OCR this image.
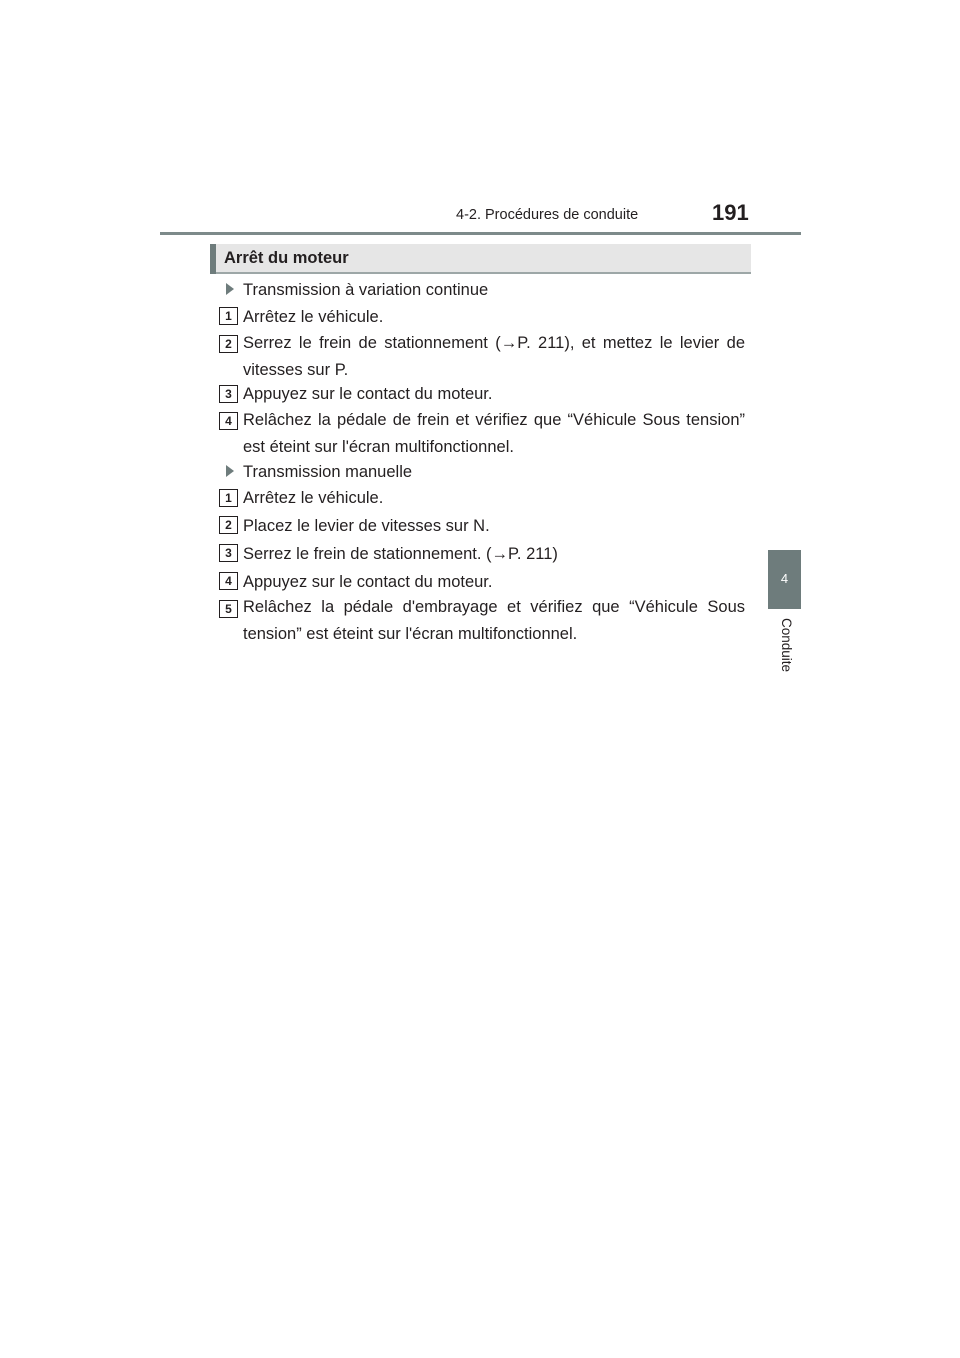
4-2. Procédures de conduite	191
Arrêt du moteur
Transmission à variation continue
1 Arrêtez le véhicule.
2 Serrez le frein de stationnement (→P. 211), et mettez le levier de vitesses sur P.
3 Appuyez sur le contact du moteur.
4 Relâchez la pédale de frein et vérifiez que “Véhicule Sous tension” est éteint sur l'écran multifonctionnel.
Transmission manuelle
1 Arrêtez le véhicule.
2 Placez le levier de vitesses sur N.
3 Serrez le frein de stationnement. (→P. 211)
4 Appuyez sur le contact du moteur.
5 Relâchez la pédale d'embrayage et vérifiez que “Véhicule Sous tension” est éteint sur l'écran multifonctionnel.
4
Conduite
